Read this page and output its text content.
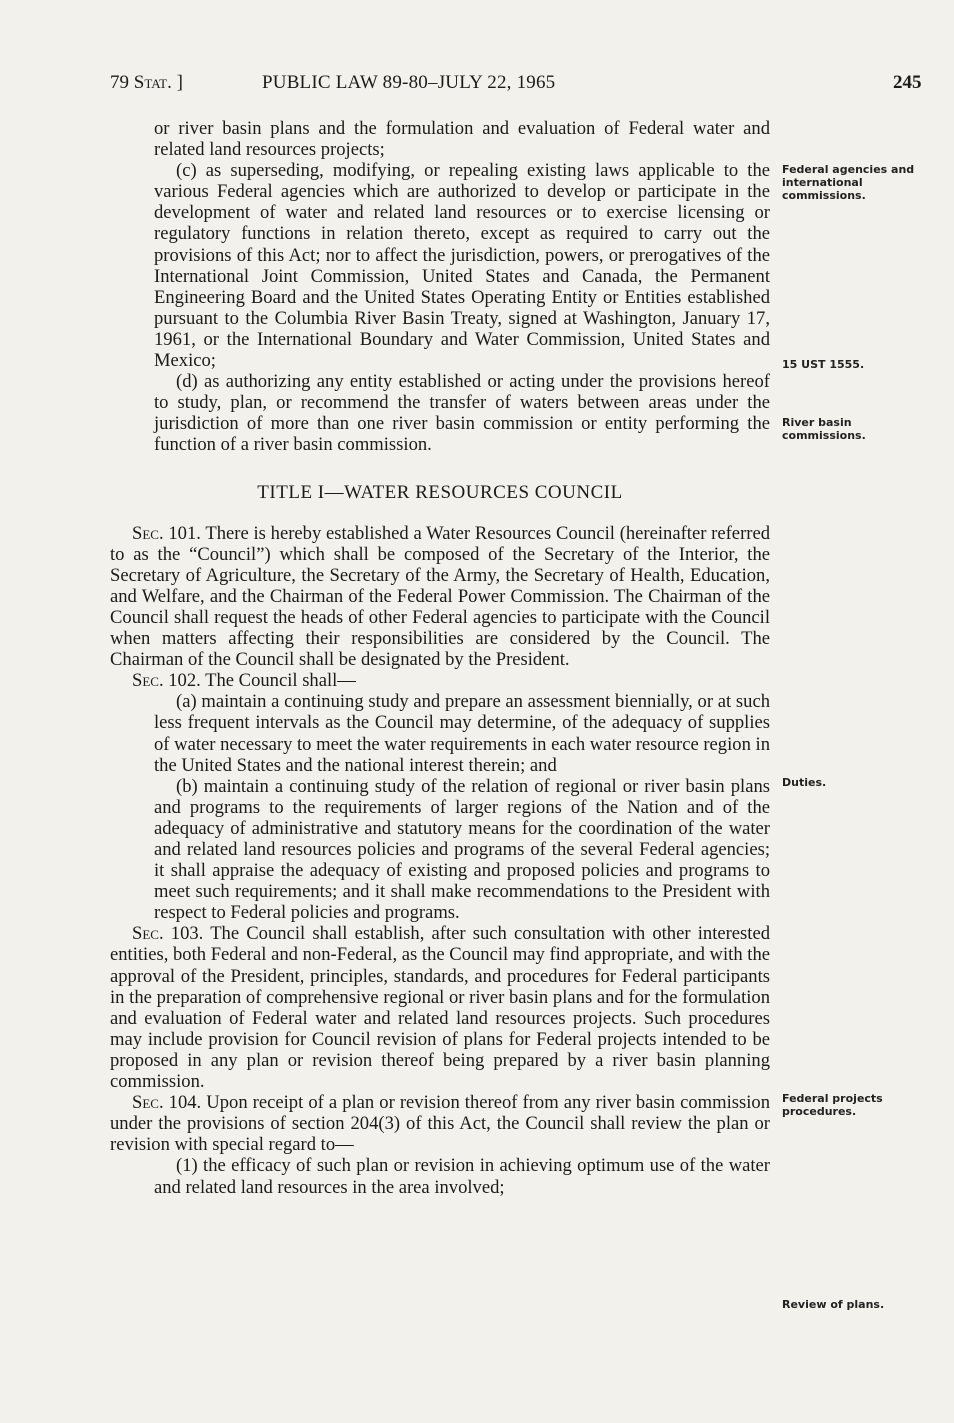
79 Stat. ]	PUBLIC LAW 89-80–JULY 22, 1965	245

or river basin plans and the formulation and evaluation of Federal water and related land resources projects;

(c) as superseding, modifying, or repealing existing laws applicable to the various Federal agencies which are authorized to develop or participate in the development of water and related land resources or to exercise licensing or regulatory functions in relation thereto, except as required to carry out the provisions of this Act; nor to affect the jurisdiction, powers, or prerogatives of the International Joint Commission, United States and Canada, the Permanent Engineering Board and the United States Operating Entity or Entities established pursuant to the Columbia River Basin Treaty, signed at Washington, January 17, 1961, or the International Boundary and Water Commission, United States and Mexico;

(d) as authorizing any entity established or acting under the provisions hereof to study, plan, or recommend the transfer of waters between areas under the jurisdiction of more than one river basin commission or entity performing the function of a river basin commission.

TITLE I—WATER RESOURCES COUNCIL

Sec. 101. There is hereby established a Water Resources Council (hereinafter referred to as the “Council”) which shall be composed of the Secretary of the Interior, the Secretary of Agriculture, the Secretary of the Army, the Secretary of Health, Education, and Welfare, and the Chairman of the Federal Power Commission. The Chairman of the Council shall request the heads of other Federal agencies to participate with the Council when matters affecting their responsibilities are considered by the Council. The Chairman of the Council shall be designated by the President.

Sec. 102. The Council shall—

(a) maintain a continuing study and prepare an assessment biennially, or at such less frequent intervals as the Council may determine, of the adequacy of supplies of water necessary to meet the water requirements in each water resource region in the United States and the national interest therein; and

(b) maintain a continuing study of the relation of regional or river basin plans and programs to the requirements of larger regions of the Nation and of the adequacy of administrative and statutory means for the coordination of the water and related land resources policies and programs of the several Federal agencies; it shall appraise the adequacy of existing and proposed policies and programs to meet such requirements; and it shall make recommendations to the President with respect to Federal policies and programs.

Sec. 103. The Council shall establish, after such consultation with other interested entities, both Federal and non-Federal, as the Council may find appropriate, and with the approval of the President, principles, standards, and procedures for Federal participants in the preparation of comprehensive regional or river basin plans and for the formulation and evaluation of Federal water and related land resources projects. Such procedures may include provision for Council revision of plans for Federal projects intended to be proposed in any plan or revision thereof being prepared by a river basin planning commission.

Sec. 104. Upon receipt of a plan or revision thereof from any river basin commission under the provisions of section 204(3) of this Act, the Council shall review the plan or revision with special regard to—

(1) the efficacy of such plan or revision in achieving optimum use of the water and related land resources in the area involved;

Federal agencies and international commissions.
15 UST 1555.
River basin commissions.
Duties.
Federal projects procedures.
Review of plans.
